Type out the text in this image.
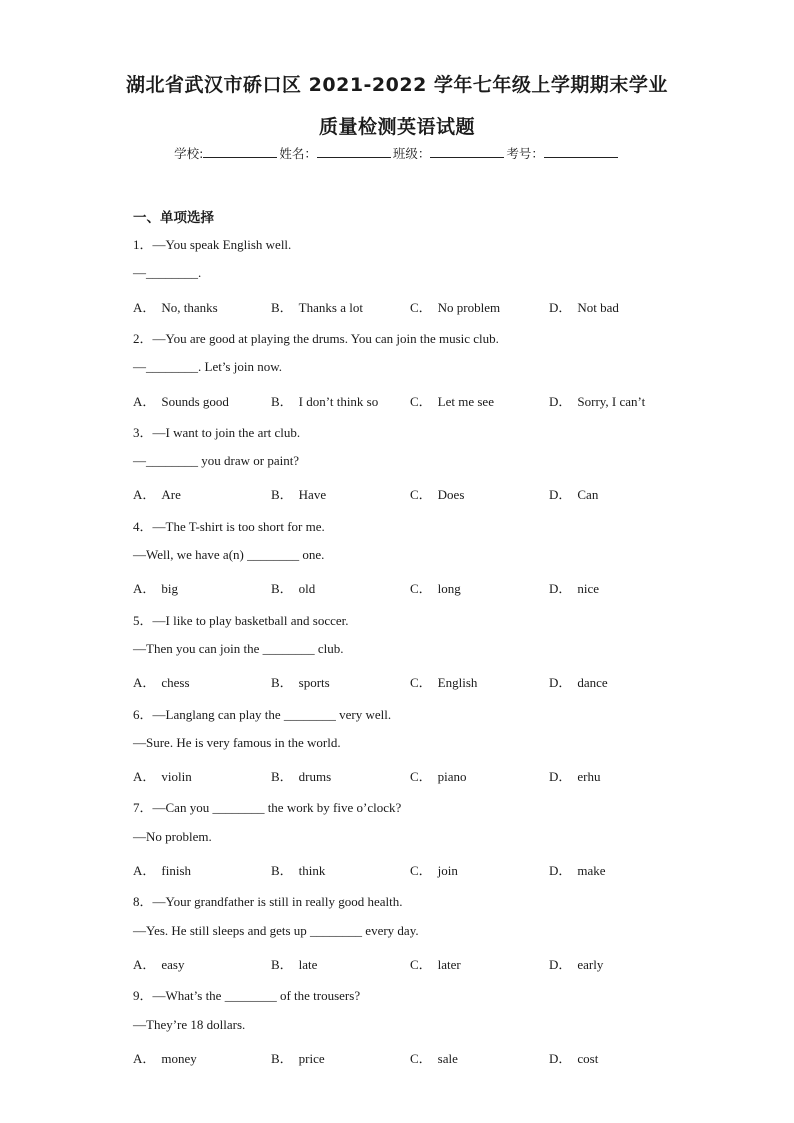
湖北省武汉市硚口区 2021-2022 学年七年级上学期期末学业
质量检测英语试题
学校:	姓名：	班级：	考号：
一、单项选择
1．—You speak English well.
—________.
A． No, thanks	B． Thanks a lot	C． No problem	D． Not bad
2．—You are good at playing the drums. You can join the music club.
—________. Let’s join now.
A． Sounds good	B． I don’t think so C． Let me see	D． Sorry, I can’t
3．—I want to join the art club.
—________ you draw or paint?
A． Are	B． Have	C． Does	D． Can
4．—The T-shirt is too short for me.
—Well, we have a(n) ________ one.
A． big	B． old	C． long	D． nice
5．—I like to play basketball and soccer.
—Then you can join the ________ club.
A． chess	B． sports	C． English	D． dance
6．—Langlang can play the ________ very well.
—Sure. He is very famous in the world.
A． violin	B． drums	C． piano	D． erhu
7．—Can you ________ the work by five o’clock?
—No problem.
A． finish	B． think	C． join	D． make
8．—Your grandfather is still in really good health.
—Yes. He still sleeps and gets up ________ every day.
A． easy	B． late	C． later	D． early
9．—What’s the ________ of the trousers?
—They’re 18 dollars.
A． money	B． price	C． sale	D． cost
